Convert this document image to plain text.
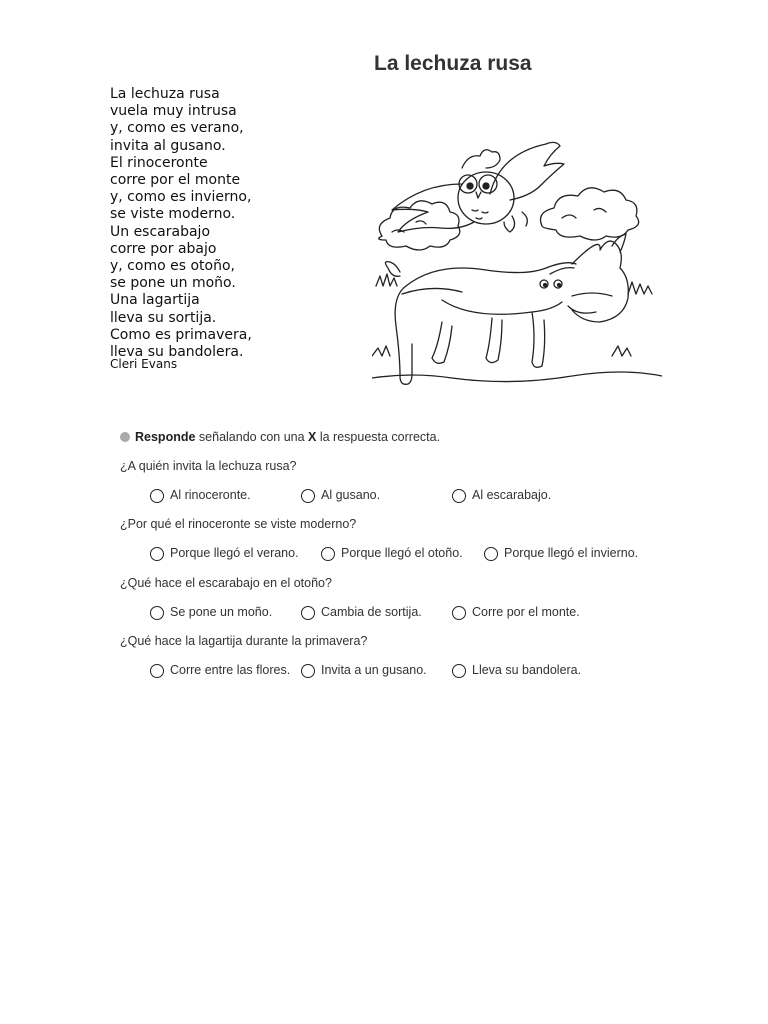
La lechuza rusa
La lechuza rusa
vuela muy intrusa
y, como es verano,
invita al gusano.
El rinoceronte
corre por el monte
y, como es invierno,
se viste moderno.
Un escarabajo
corre por abajo
y, como es otoño,
se pone un moño.
Una lagartija
lleva su sortija.
Como es primavera,
lleva su bandolera.
Cleri Evans
Responde señalando con una X la respuesta correcta.
¿A quién invita la lechuza rusa?
Al rinoceronte.	Al gusano.	Al escarabajo.
¿Por qué el rinoceronte se viste moderno?
Porque llegó el verano.	Porque llegó el otoño.	Porque llegó el invierno.
¿Qué hace el escarabajo en el otoño?
Se pone un moño.	Cambia de sortija.	Corre por el monte.
¿Qué hace la lagartija durante la primavera?
Corre entre las flores.	Invita a un gusano.	Lleva su bandolera.
